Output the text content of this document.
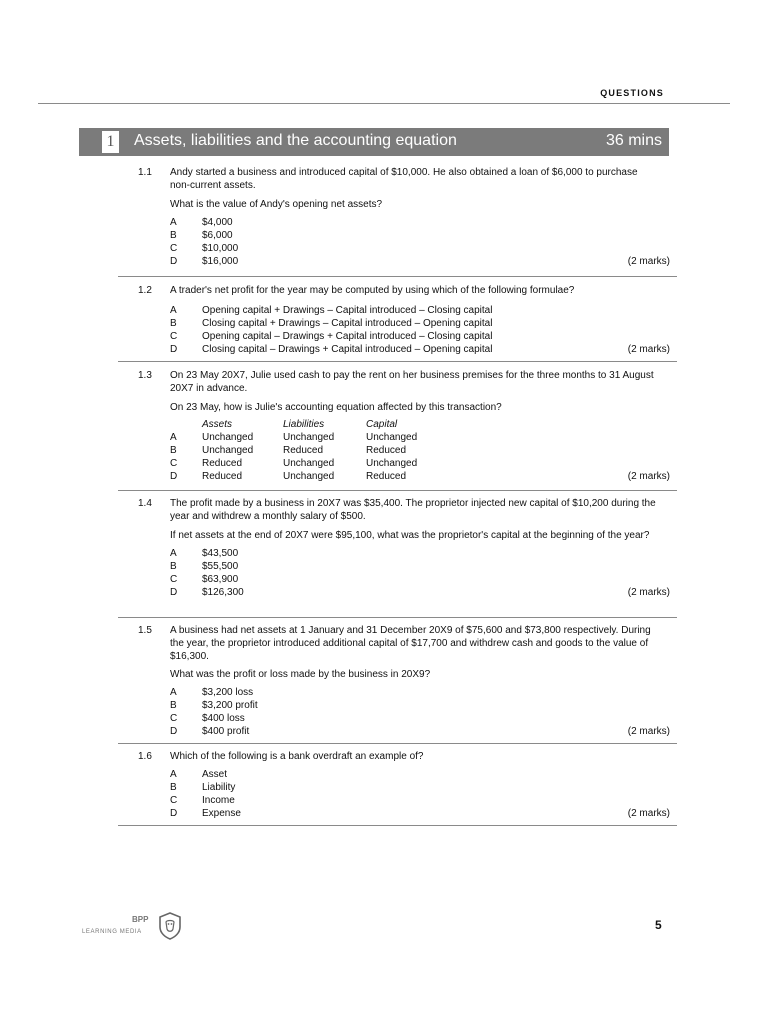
QUESTIONS
1 Assets, liabilities and the accounting equation	36 mins
1.1 Andy started a business and introduced capital of $10,000. He also obtained a loan of $6,000 to purchase non-current assets.

What is the value of Andy's opening net assets?

A	$4,000
B	$6,000
C $10,000
D $16,000	(2 marks)
1.2 A trader's net profit for the year may be computed by using which of the following formulae?

A	Opening capital + Drawings – Capital introduced – Closing capital
B	Closing capital + Drawings – Capital introduced – Opening capital
C Opening capital – Drawings + Capital introduced – Closing capital
D Closing capital – Drawings + Capital introduced – Opening capital	(2 marks)
1.3 On 23 May 20X7, Julie used cash to pay the rent on her business premises for the three months to 31 August 20X7 in advance.

On 23 May, how is Julie's accounting equation affected by this transaction?

Assets	Liabilities	Capital
A	Unchanged	Unchanged	Unchanged
B	Unchanged	Reduced	Reduced
C Reduced	Unchanged	Unchanged
D Reduced	Unchanged	Reduced	(2 marks)
1.4 The profit made by a business in 20X7 was $35,400. The proprietor injected new capital of $10,200 during the year and withdrew a monthly salary of $500.

If net assets at the end of 20X7 were $95,100, what was the proprietor's capital at the beginning of the year?

A	$43,500
B	$55,500
C $63,900
D $126,300	(2 marks)
1.5 A business had net assets at 1 January and 31 December 20X9 of $75,600 and $73,800 respectively. During the year, the proprietor introduced additional capital of $17,700 and withdrew cash and goods to the value of $16,300.

What was the profit or loss made by the business in 20X9?

A	$3,200 loss
B	$3,200 profit
C $400 loss
D $400 profit	(2 marks)
1.6 Which of the following is a bank overdraft an example of?

A	Asset
B	Liability
C Income
D Expense	(2 marks)
BPP
LEARNING MEDIA	5
